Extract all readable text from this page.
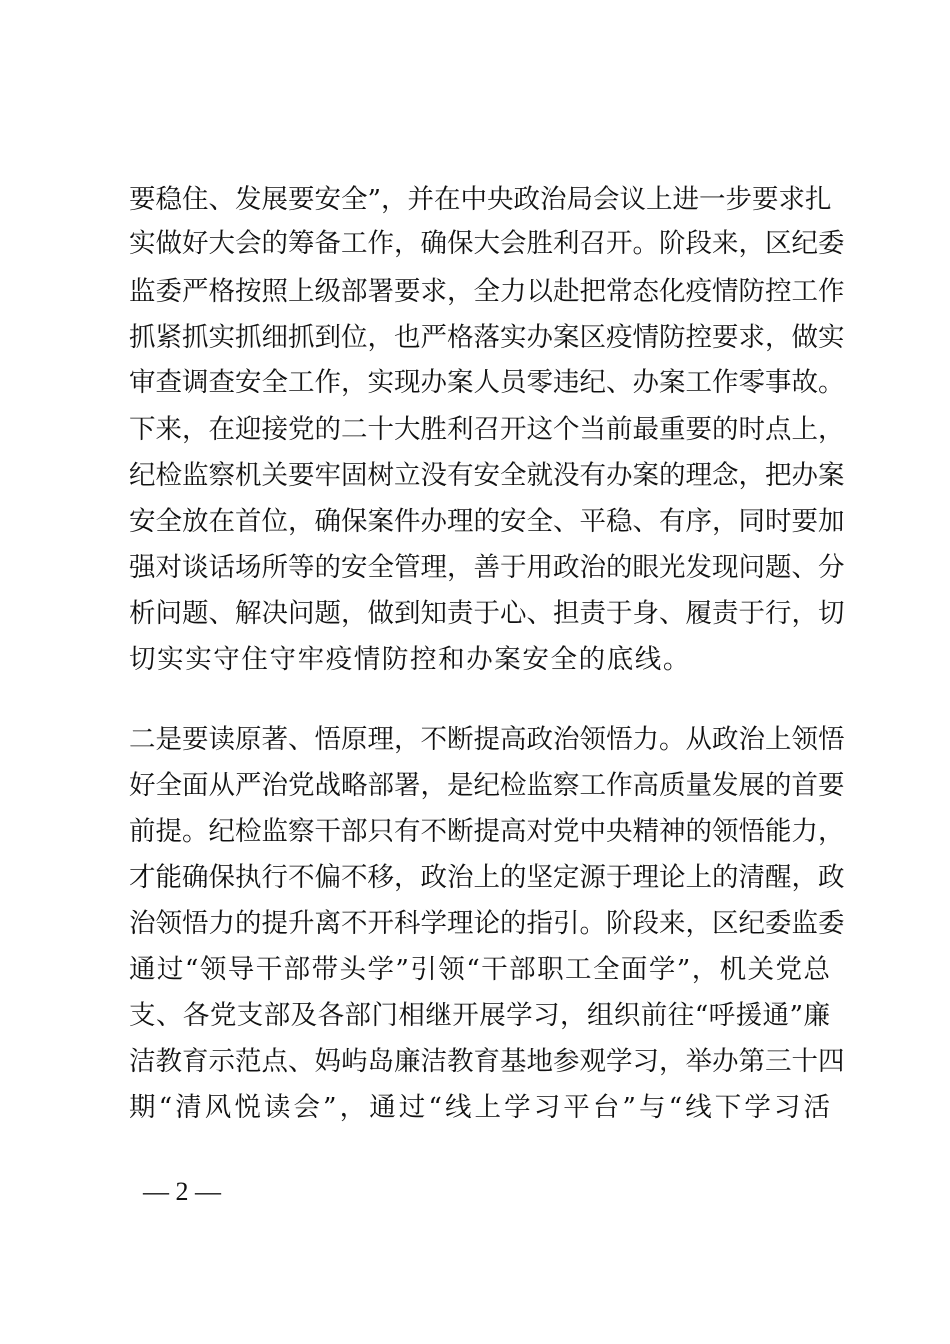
要稳住、发展要安全”，并在中央政治局会议上进一步要求扎
实做好大会的筹备工作，确保大会胜利召开。阶段来，区纪委
监委严格按照上级部署要求，全力以赴把常态化疫情防控工作
抓紧抓实抓细抓到位，也严格落实办案区疫情防控要求，做实
审查调查安全工作，实现办案人员零违纪、办案工作零事故。
下来，在迎接党的二十大胜利召开这个当前最重要的时点上，
纪检监察机关要牢固树立没有安全就没有办案的理念，把办案
安全放在首位，确保案件办理的安全、平稳、有序，同时要加
强对谈话场所等的安全管理，善于用政治的眼光发现问题、分
析问题、解决问题，做到知责于心、担责于身、履责于行，切
切实实守住守牢疫情防控和办案安全的底线。
二是要读原著、悟原理，不断提高政治领悟力。从政治上领悟
好全面从严治党战略部署，是纪检监察工作高质量发展的首要
前提。纪检监察干部只有不断提高对党中央精神的领悟能力，
才能确保执行不偏不移，政治上的坚定源于理论上的清醒，政
治领悟力的提升离不开科学理论的指引。阶段来，区纪委监委
通过“领导干部带头学”引领“干部职工全面学”，机关党总
支、各党支部及各部门相继开展学习，组织前往“呼援通”廉
洁教育示范点、妈屿岛廉洁教育基地参观学习，举办第三十四
期“清风悦读会”，通过“线上学习平台”与“线下学习活
— 2 —
